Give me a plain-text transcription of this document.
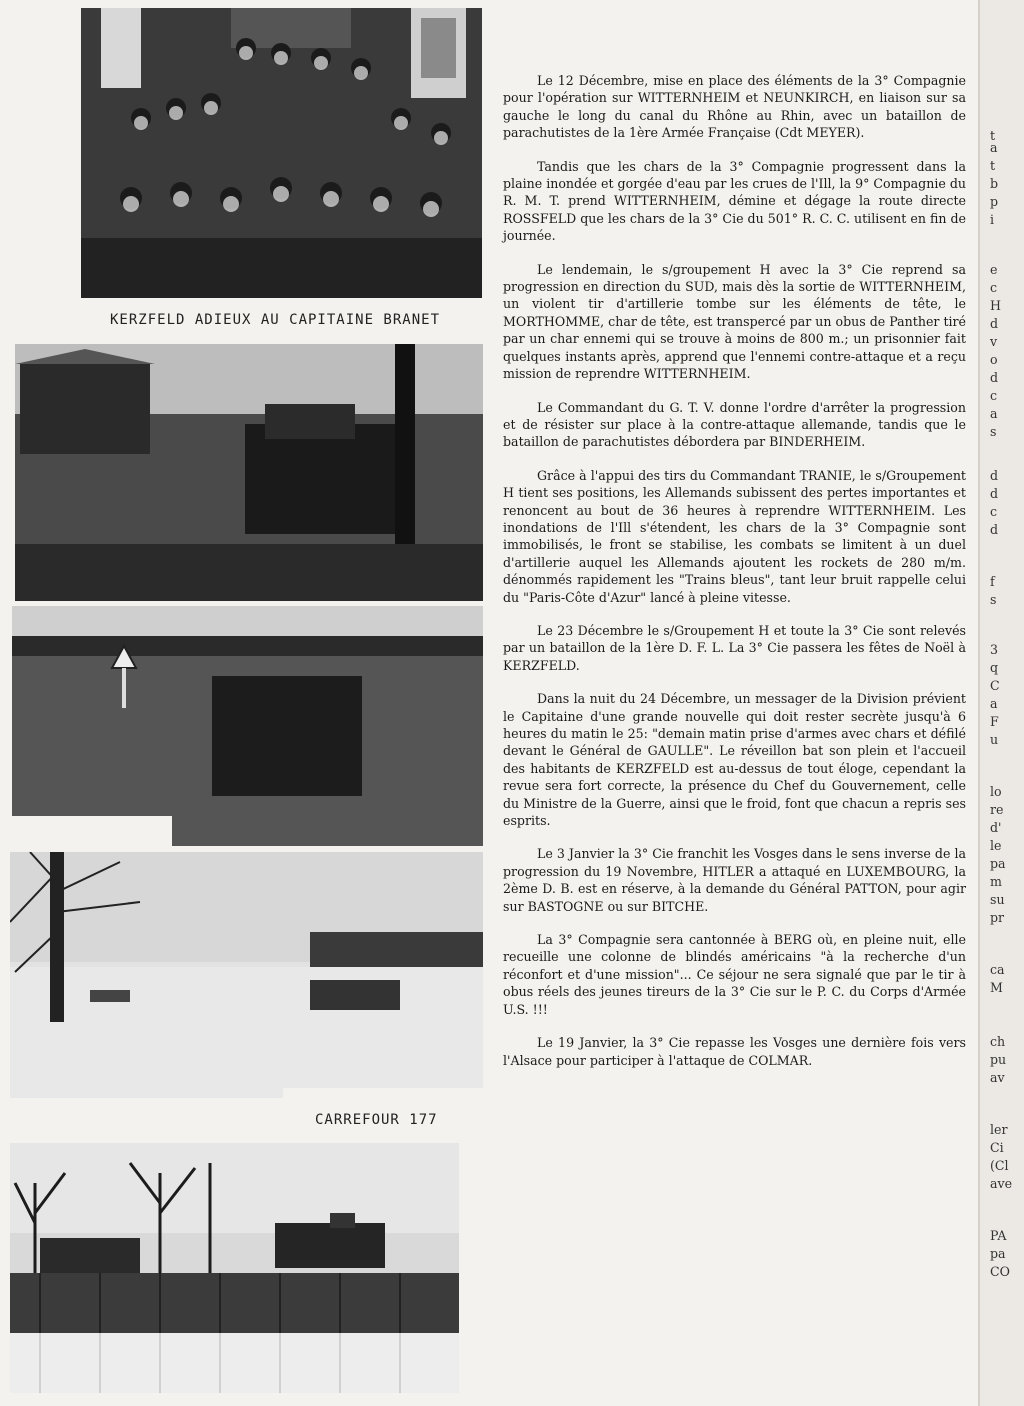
KERZFELD ADIEUX AU CAPITAINE BRANET
CARREFOUR 177

Le 12 Décembre, mise en place des éléments de la 3° Compagnie pour l'opération sur WITTERNHEIM et NEUNKIRCH, en liaison sur sa gauche le long du canal du Rhône au Rhin, avec un bataillon de parachutistes de la 1ère Armée Française (Cdt MEYER).

Tandis que les chars de la 3° Compagnie progressent dans la plaine inondée et gorgée d'eau par les crues de l'Ill, la 9° Compagnie du R. M. T. prend WITTERNHEIM, démine et dégage la route directe ROSSFELD que les chars de la 3° Cie du 501° R. C. C. utilisent en fin de journée.

Le lendemain, le s/groupement H avec la 3° Cie reprend sa progression en direction du SUD, mais dès la sortie de WITTERNHEIM, un violent tir d'artillerie tombe sur les éléments de tête, le MORTHOMME, char de tête, est transpercé par un obus de Panther tiré par un char ennemi qui se trouve à moins de 800 m.; un prisonnier fait quelques instants après, apprend que l'ennemi contre-attaque et a reçu mission de reprendre WITTERNHEIM.

Le Commandant du G. T. V. donne l'ordre d'arrêter la progression et de résister sur place à la contre-attaque allemande, tandis que le bataillon de parachutistes débordera par BINDERHEIM.

Grâce à l'appui des tirs du Commandant TRANIE, le s/Groupement H tient ses positions, les Allemands subissent des pertes importantes et renoncent au bout de 36 heures à reprendre WITTERNHEIM. Les inondations de l'Ill s'étendent, les chars de la 3° Compagnie sont immobilisés, le front se stabilise, les combats se limitent à un duel d'artillerie auquel les Allemands ajoutent les rockets de 280 m/m. dénommés rapidement les "Trains bleus", tant leur bruit rappelle celui du "Paris-Côte d'Azur" lancé à pleine vitesse.

Le 23 Décembre le s/Groupement H et toute la 3° Cie sont relevés par un bataillon de la 1ère D. F. L. La 3° Cie passera les fêtes de Noël à KERZFELD.

Dans la nuit du 24 Décembre, un messager de la Division prévient le Capitaine d'une grande nouvelle qui doit rester secrète jusqu'à 6 heures du matin le 25: "demain matin prise d'armes avec chars et défilé devant le Général de GAULLE". Le réveillon bat son plein et l'accueil des habitants de KERZFELD est au-dessus de tout éloge, cependant la revue sera fort correcte, la présence du Chef du Gouvernement, celle du Ministre de la Guerre, ainsi que le froid, font que chacun a repris ses esprits.

Le 3 Janvier la 3° Cie franchit les Vosges dans le sens inverse de la progression du 19 Novembre, HITLER a attaqué en LUXEMBOURG, la 2ème D. B. est en réserve, à la demande du Général PATTON, pour agir sur BASTOGNE ou sur BITCHE.

La 3° Compagnie sera cantonnée à BERG où, en pleine nuit, elle recueille une colonne de blindés américains "à la recherche d'un réconfort et d'une mission"... Ce séjour ne sera signalé que par le tir à obus réels des jeunes tireurs de la 3° Cie sur le P. C. du Corps d'Armée U.S. !!!

Le 19 Janvier, la 3° Cie repasse les Vosges une dernière fois vers l'Alsace pour participer à l'attaque de COLMAR.

t
a
t
b
p
i
e
c
H
d
v
o
d
c
a
s
d
d
c
d
f
s
3
q
C
a
F
u
lo
re
d'
le
pa
m
su
pr
ca
M
ch
pu
av
ler
Ci
(Cl
ave
PA
pa
CO
